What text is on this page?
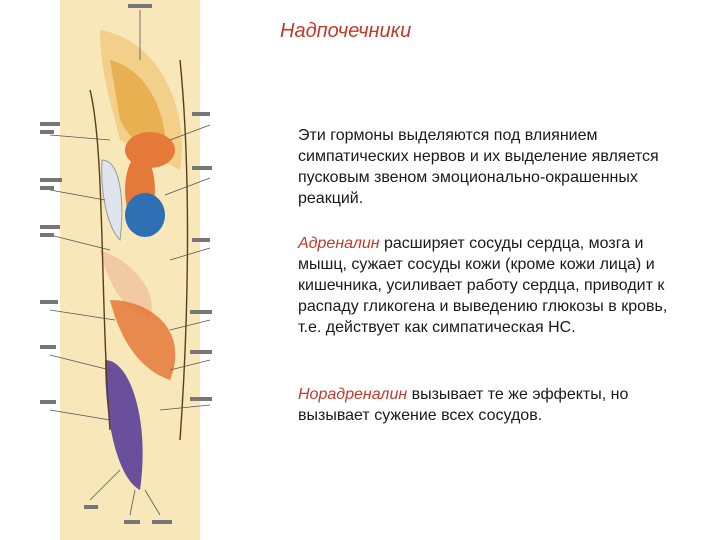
Надпочечники
Эти гормоны выделяются под влиянием симпатических нервов и их выделение является пусковым звеном эмоционально-окрашенных реакций.
Адреналин расширяет сосуды сердца, мозга и мышц, сужает сосуды кожи (кроме кожи лица) и кишечника, усиливает работу сердца, приводит к распаду гликогена и выведению глюкозы в кровь, т.е. действует как симпатическая НС.
Норадреналин вызывает те же эффекты, но вызывает сужение всех сосудов.
